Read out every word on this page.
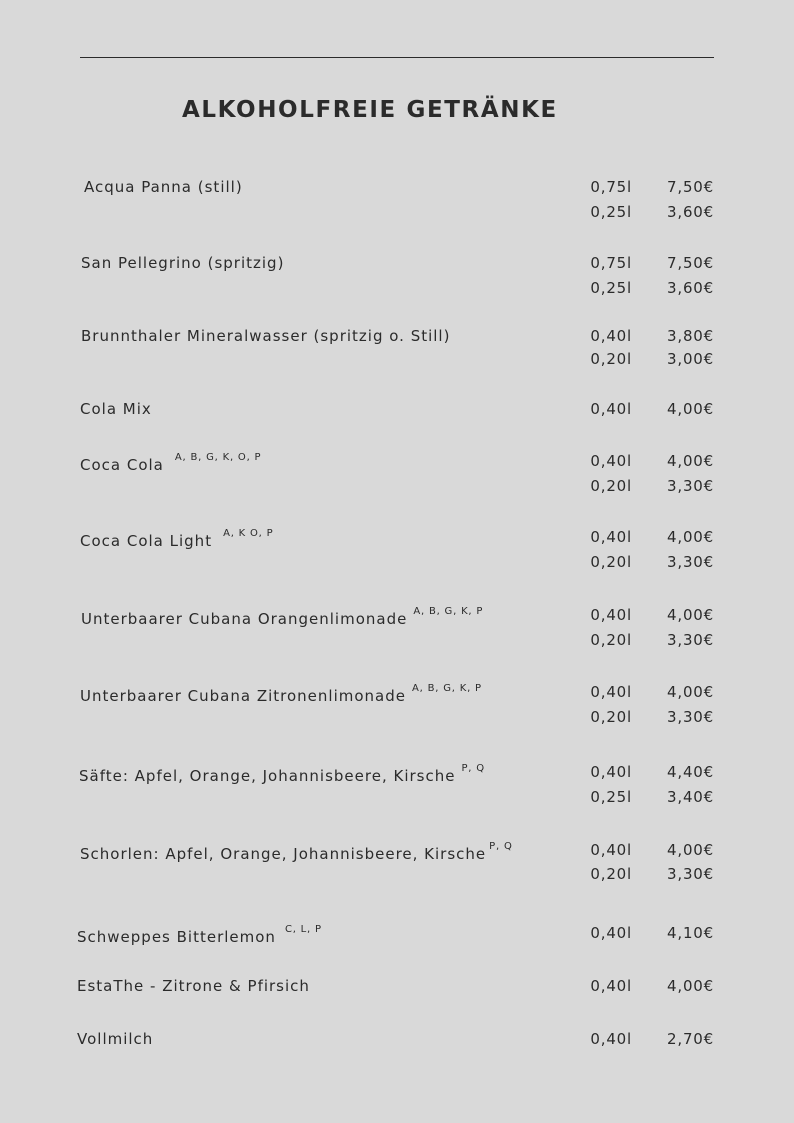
ALKOHOLFREIE GETRÄNKE
Acqua Panna (still)	0,75l 7,50€
0,25l 3,60€
San Pellegrino (spritzig)	0,75l 7,50€
0,25l 3,60€
Brunnthaler Mineralwasser (spritzig o. Still)	0,40l 3,80€
0,20l 3,00€
Cola Mix	0,40l 4,00€
Coca Cola $^{A, B, G, K, O, P}$	0,40l 4,00€
0,20l 3,30€
Coca Cola Light $^{A, K O, P}$	0,40l 4,00€
0,20l 3,30€
Unterbaarer Cubana Orangenlimonade $^{A, B, G, K, P}$	0,40l 4,00€
0,20l 3,30€
Unterbaarer Cubana Zitronenlimonade $^{A, B, G, K, P}$	0,40l 4,00€
0,20l 3,30€
Säfte: Apfel, Orange, Johannisbeere, Kirsche $^{P, Q}$	0,40l 4,40€
0,25l 3,40€
Schorlen: Apfel, Orange, Johannisbeere, Kirsche $^{P, Q}$	0,40l 4,00€
0,20l 3,30€
Schweppes Bitterlemon $^{C, L, P}$	0,40l 4,10€
EstaThe - Zitrone & Pfirsich	0,40l 4,00€
Vollmilch	0,40l 2,70€
